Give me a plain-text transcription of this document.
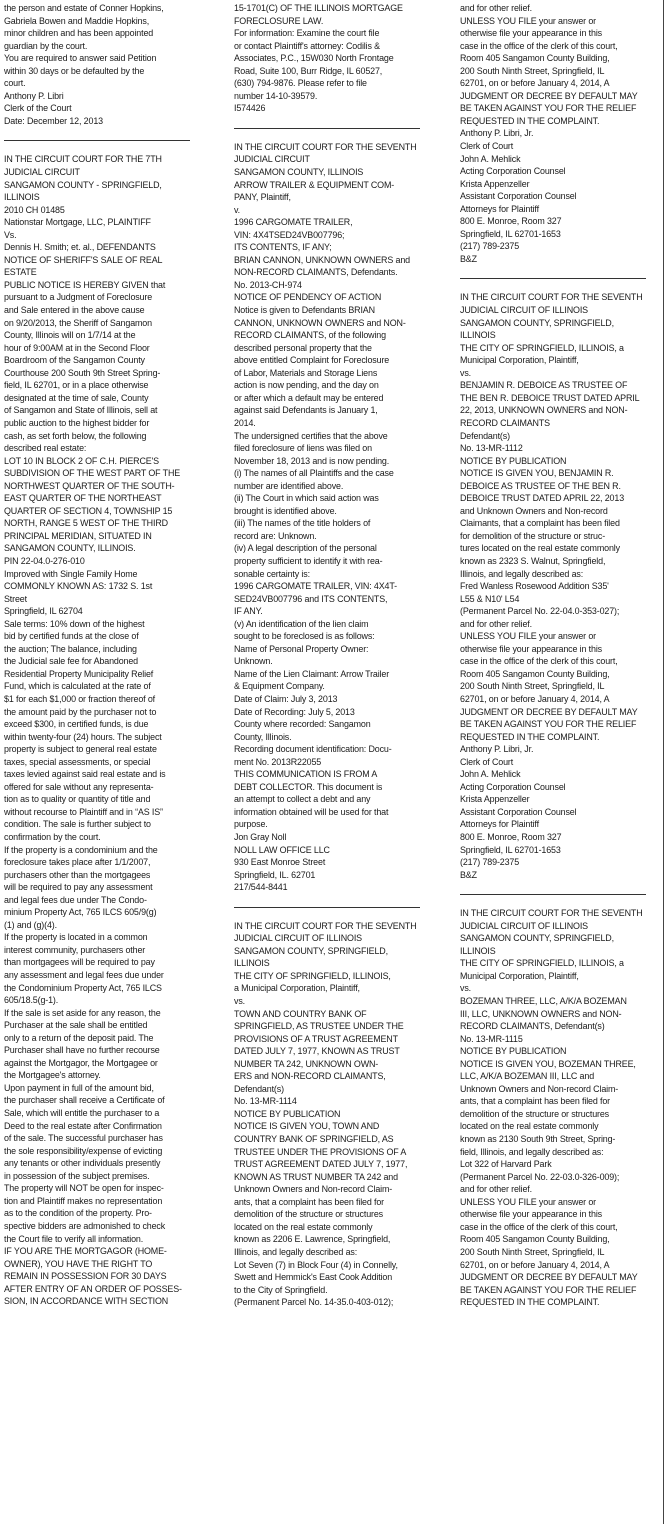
the person and estate of Conner Hopkins,
Gabriela Bowen and Maddie Hopkins,
minor children and has been appointed
guardian by the court.
You are required to answer said Petition
within 30 days or be defaulted by the
court.
Anthony P. Libri
Clerk of the Court
Date: December 12, 2013
IN THE CIRCUIT COURT FOR THE 7TH
JUDICIAL CIRCUIT
SANGAMON COUNTY - SPRINGFIELD,
ILLINOIS
2010 CH 01485
Nationstar Mortgage, LLC, PLAINTIFF
Vs.
Dennis H. Smith; et. al., DEFENDANTS
NOTICE OF SHERIFF'S SALE OF REAL
ESTATE
PUBLIC NOTICE IS HEREBY GIVEN that
pursuant to a Judgment of Foreclosure
and Sale entered in the above cause
on 9/20/2013, the Sheriff of Sangamon
County, Illinois will on 1/7/14 at the
hour of 9:00AM at in the Second Floor
Boardroom of the Sangamon County
Courthouse 200 South 9th Street Spring-
field, IL 62701, or in a place otherwise
designated at the time of sale, County
of Sangamon and State of Illinois, sell at
public auction to the highest bidder for
cash, as set forth below, the following
described real estate:
LOT 10 IN BLOCK 2 OF C.H. PIERCE'S
SUBDIVISION OF THE WEST PART OF THE
NORTHWEST QUARTER OF THE SOUTH-
EAST QUARTER OF THE NORTHEAST
QUARTER OF SECTION 4, TOWNSHIP 15
NORTH, RANGE 5 WEST OF THE THIRD
PRINCIPAL MERIDIAN, SITUATED IN
SANGAMON COUNTY, ILLINOIS.
PIN 22-04.0-276-010
Improved with Single Family Home
COMMONLY KNOWN AS: 1732 S. 1st
Street
Springfield, IL 62704
Sale terms: 10% down of the highest
bid by certified funds at the close of
the auction; The balance, including
the Judicial sale fee for Abandoned
Residential Property Municipality Relief
Fund, which is calculated at the rate of
$1 for each $1,000 or fraction thereof of
the amount paid by the purchaser not to
exceed $300, in certified funds, is due
within twenty-four (24) hours. The subject
property is subject to general real estate
taxes, special assessments, or special
taxes levied against said real estate and is
offered for sale without any representa-
tion as to quality or quantity of title and
without recourse to Plaintiff and in “AS IS”
condition. The sale is further subject to
confirmation by the court.
If the property is a condominium and the
foreclosure takes place after 1/1/2007,
purchasers other than the mortgagees
will be required to pay any assessment
and legal fees due under The Condo-
minium Property Act, 765 ILCS 605/9(g)
(1) and (g)(4).
If the property is located in a common
interest community, purchasers other
than mortgagees will be required to pay
any assessment and legal fees due under
the Condominium Property Act, 765 ILCS
605/18.5(g-1).
If the sale is set aside for any reason, the
Purchaser at the sale shall be entitled
only to a return of the deposit paid. The
Purchaser shall have no further recourse
against the Mortgagor, the Mortgagee or
the Mortgagee's attorney.
Upon payment in full of the amount bid,
the purchaser shall receive a Certificate of
Sale, which will entitle the purchaser to a
Deed to the real estate after Confirmation
of the sale. The successful purchaser has
the sole responsibility/expense of evicting
any tenants or other individuals presently
in possession of the subject premises.
The property will NOT be open for inspec-
tion and Plaintiff makes no representation
as to the condition of the property. Pro-
spective bidders are admonished to check
the Court file to verify all information.
IF YOU ARE THE MORTGAGOR (HOME-
OWNER), YOU HAVE THE RIGHT TO
REMAIN IN POSSESSION FOR 30 DAYS
AFTER ENTRY OF AN ORDER OF POSSES-
SION, IN ACCORDANCE WITH SECTION
15-1701(C) OF THE ILLINOIS MORTGAGE
FORECLOSURE LAW.
For information: Examine the court file
or contact Plaintiff's attorney: Codilis &
Associates, P.C., 15W030 North Frontage
Road, Suite 100, Burr Ridge, IL 60527,
(630) 794-9876. Please refer to file
number 14-10-39579.
I574426
IN THE CIRCUIT COURT FOR THE SEVENTH
JUDICIAL CIRCUIT
SANGAMON COUNTY, ILLINOIS
ARROW TRAILER & EQUIPMENT COM-
PANY, Plaintiff,
v.
1996 CARGOMATE TRAILER,
VIN: 4X4TSED24VB007796;
ITS CONTENTS, IF ANY;
BRIAN CANNON, UNKNOWN OWNERS and
NON-RECORD CLAIMANTS, Defendants.
No. 2013-CH-974
NOTICE OF PENDENCY OF ACTION
Notice is given to Defendants BRIAN
CANNON, UNKNOWN OWNERS and NON-
RECORD CLAIMANTS, of the following
described personal property that the
above entitled Complaint for Foreclosure
of Labor, Materials and Storage Liens
action is now pending, and the day on
or after which a default may be entered
against said Defendants is January 1,
2014.
The undersigned certifies that the above
filed foreclosure of liens was filed on
November 18, 2013 and is now pending.
(i) The names of all Plaintiffs and the case
number are identified above.
(ii) The Court in which said action was
brought is identified above.
(iii) The names of the title holders of
record are: Unknown.
(iv) A legal description of the personal
property sufficient to identify it with rea-
sonable certainty is:
1996 CARGOMATE TRAILER, VIN: 4X4T-
SED24VB007796 and ITS CONTENTS,
IF ANY.
(v) An identification of the lien claim
sought to be foreclosed is as follows:
Name of Personal Property Owner:
Unknown.
Name of the Lien Claimant: Arrow Trailer
& Equipment Company.
Date of Claim: July 3, 2013
Date of Recording: July 5, 2013
County where recorded: Sangamon
County, Illinois.
Recording document identification: Docu-
ment No. 2013R22055
THIS COMMUNICATION IS FROM A
DEBT COLLECTOR. This document is
an attempt to collect a debt and any
information obtained will be used for that
purpose.
Jon Gray Noll
NOLL LAW OFFICE LLC
930 East Monroe Street
Springfield, IL. 62701
217/544-8441
IN THE CIRCUIT COURT FOR THE SEVENTH
JUDICIAL CIRCUIT OF ILLINOIS
SANGAMON COUNTY, SPRINGFIELD,
ILLINOIS
THE CITY OF SPRINGFIELD, ILLINOIS,
a Municipal Corporation, Plaintiff,
vs.
TOWN AND COUNTRY BANK OF
SPRINGFIELD, AS TRUSTEE UNDER THE
PROVISIONS OF A TRUST AGREEMENT
DATED JULY 7, 1977, KNOWN AS TRUST
NUMBER TA 242, UNKNOWN OWN-
ERS and NON-RECORD CLAIMANTS,
Defendant(s)
No. 13-MR-1114
NOTICE BY PUBLICATION
NOTICE IS GIVEN YOU, TOWN AND
COUNTRY BANK OF SPRINGFIELD, AS
TRUSTEE UNDER THE PROVISIONS OF A
TRUST AGREEMENT DATED JULY 7, 1977,
KNOWN AS TRUST NUMBER TA 242 and
Unknown Owners and Non-record Claim-
ants, that a complaint has been filed for
demolition of the structure or structures
located on the real estate commonly
known as 2206 E. Lawrence, Springfield,
Illinois, and legally described as:
Lot Seven (7) in Block Four (4) in Connelly,
Swett and Hemmick's East Cook Addition
to the City of Springfield.
(Permanent Parcel No. 14-35.0-403-012);
and for other relief.
UNLESS YOU FILE your answer or
otherwise file your appearance in this
case in the office of the clerk of this court,
Room 405 Sangamon County Building,
200 South Ninth Street, Springfield, IL
62701, on or before January 4, 2014, A
JUDGMENT OR DECREE BY DEFAULT MAY
BE TAKEN AGAINST YOU FOR THE RELIEF
REQUESTED IN THE COMPLAINT.
Anthony P. Libri, Jr.
Clerk of Court
John A. Mehlick
Acting Corporation Counsel
Krista Appenzeller
Assistant Corporation Counsel
Attorneys for Plaintiff
800 E. Monroe, Room 327
Springfield, IL 62701-1653
(217) 789-2375
B&Z
IN THE CIRCUIT COURT FOR THE SEVENTH
JUDICIAL CIRCUIT OF ILLINOIS
SANGAMON COUNTY, SPRINGFIELD,
ILLINOIS
THE CITY OF SPRINGFIELD, ILLINOIS, a
Municipal Corporation, Plaintiff,
vs.
BENJAMIN R. DEBOICE AS TRUSTEE OF
THE BEN R. DEBOICE TRUST DATED APRIL
22, 2013, UNKNOWN OWNERS and NON-
RECORD CLAIMANTS
Defendant(s)
No. 13-MR-1112
NOTICE BY PUBLICATION
NOTICE IS GIVEN YOU, BENJAMIN R.
DEBOICE AS TRUSTEE OF THE BEN R.
DEBOICE TRUST DATED APRIL 22, 2013
and Unknown Owners and Non-record
Claimants, that a complaint has been filed
for demolition of the structure or struc-
tures located on the real estate commonly
known as 2323 S. Walnut, Springfield,
Illinois, and legally described as:
Fred Wanless Rosewood Addition S35'
L55 & N10' L54
(Permanent Parcel No. 22-04.0-353-027);
and for other relief.
UNLESS YOU FILE your answer or
otherwise file your appearance in this
case in the office of the clerk of this court,
Room 405 Sangamon County Building,
200 South Ninth Street, Springfield, IL
62701, on or before January 4, 2014, A
JUDGMENT OR DECREE BY DEFAULT MAY
BE TAKEN AGAINST YOU FOR THE RELIEF
REQUESTED IN THE COMPLAINT.
Anthony P. Libri, Jr.
Clerk of Court
John A. Mehlick
Acting Corporation Counsel
Krista Appenzeller
Assistant Corporation Counsel
Attorneys for Plaintiff
800 E. Monroe, Room 327
Springfield, IL 62701-1653
(217) 789-2375
B&Z
IN THE CIRCUIT COURT FOR THE SEVENTH
JUDICIAL CIRCUIT OF ILLINOIS
SANGAMON COUNTY, SPRINGFIELD,
ILLINOIS
THE CITY OF SPRINGFIELD, ILLINOIS, a
Municipal Corporation, Plaintiff,
vs.
BOZEMAN THREE, LLC, A/K/A BOZEMAN
III, LLC, UNKNOWN OWNERS and NON-
RECORD CLAIMANTS, Defendant(s)
No. 13-MR-1115
NOTICE BY PUBLICATION
NOTICE IS GIVEN YOU, BOZEMAN THREE,
LLC, A/K/A BOZEMAN III, LLC and
Unknown Owners and Non-record Claim-
ants, that a complaint has been filed for
demolition of the structure or structures
located on the real estate commonly
known as 2130 South 9th Street, Spring-
field, Illinois, and legally described as:
Lot 322 of Harvard Park
(Permanent Parcel No. 22-03.0-326-009);
and for other relief.
UNLESS YOU FILE your answer or
otherwise file your appearance in this
case in the office of the clerk of this court,
Room 405 Sangamon County Building,
200 South Ninth Street, Springfield, IL
62701, on or before January 4, 2014, A
JUDGMENT OR DECREE BY DEFAULT MAY
BE TAKEN AGAINST YOU FOR THE RELIEF
REQUESTED IN THE COMPLAINT.
